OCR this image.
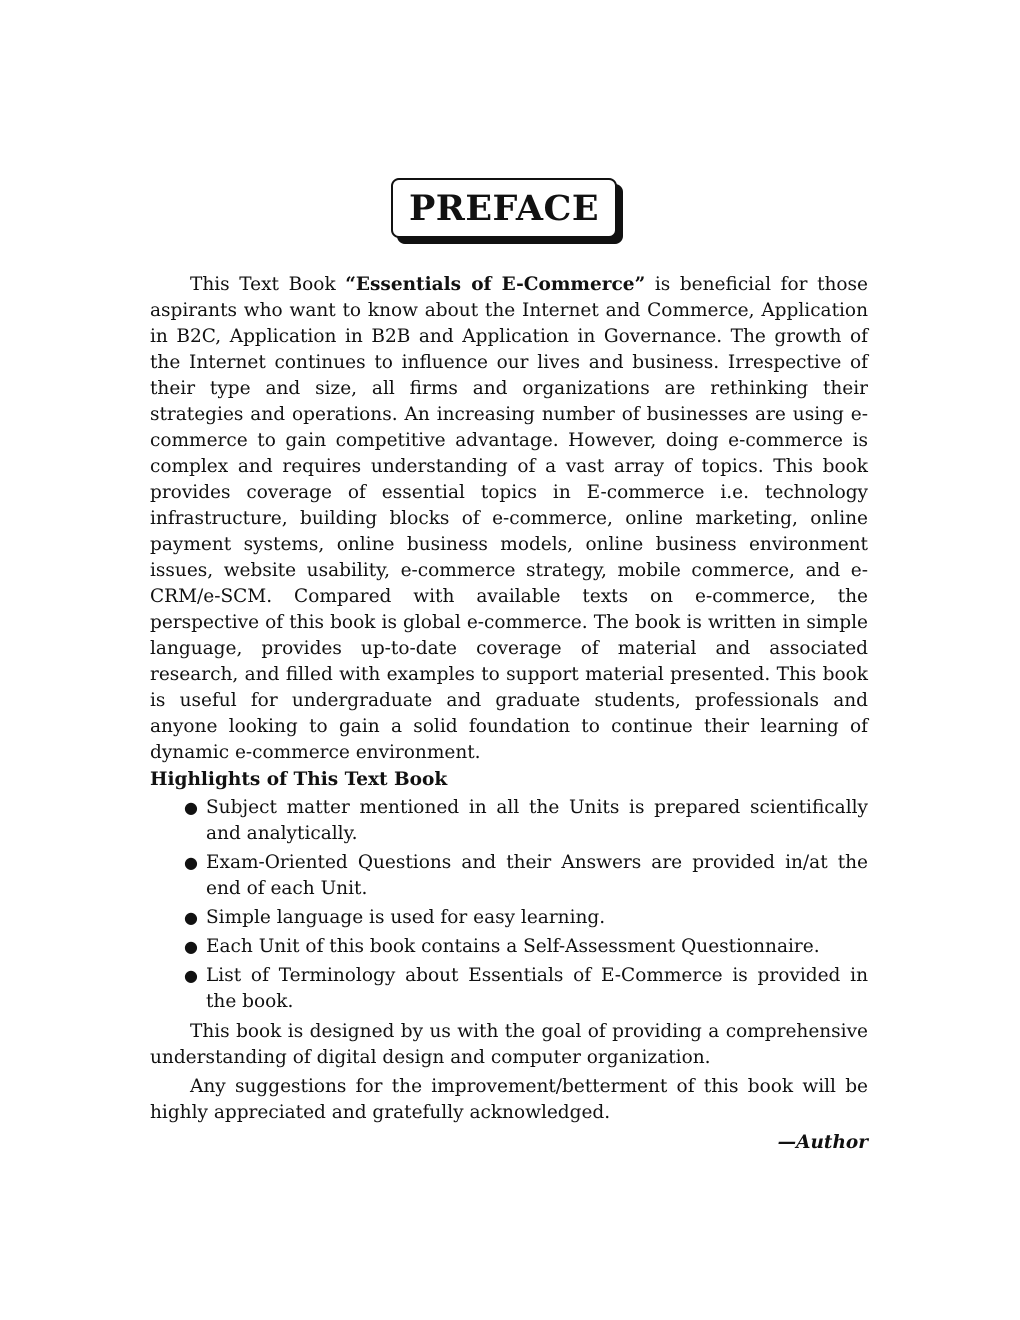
PREFACE

This Text Book “Essentials of E-Commerce” is beneficial for those aspirants who want to know about the Internet and Commerce, Application in B2C, Application in B2B and Application in Governance. The growth of the Internet continues to influence our lives and business. Irrespective of their type and size, all firms and organizations are rethinking their strategies and operations. An increasing number of businesses are using e-commerce to gain competitive advantage. However, doing e-commerce is complex and requires understanding of a vast array of topics. This book provides coverage of essential topics in E-commerce i.e. technology infrastructure, building blocks of e-commerce, online marketing, online payment systems, online business models, online business environment issues, website usability, e-commerce strategy, mobile commerce, and e-CRM/e-SCM. Compared with available texts on e-commerce, the perspective of this book is global e-commerce. The book is written in simple language, provides up-to-date coverage of material and associated research, and filled with examples to support material presented. This book is useful for undergraduate and graduate students, professionals and anyone looking to gain a solid foundation to continue their learning of dynamic e-commerce environment.

Highlights of This Text Book
● Subject matter mentioned in all the Units is prepared scientifically and analytically.
● Exam-Oriented Questions and their Answers are provided in/at the end of each Unit.
● Simple language is used for easy learning.
● Each Unit of this book contains a Self-Assessment Questionnaire.
● List of Terminology about Essentials of E-Commerce is provided in the book.

This book is designed by us with the goal of providing a comprehensive understanding of digital design and computer organization.

Any suggestions for the improvement/betterment of this book will be highly appreciated and gratefully acknowledged.

—Author
